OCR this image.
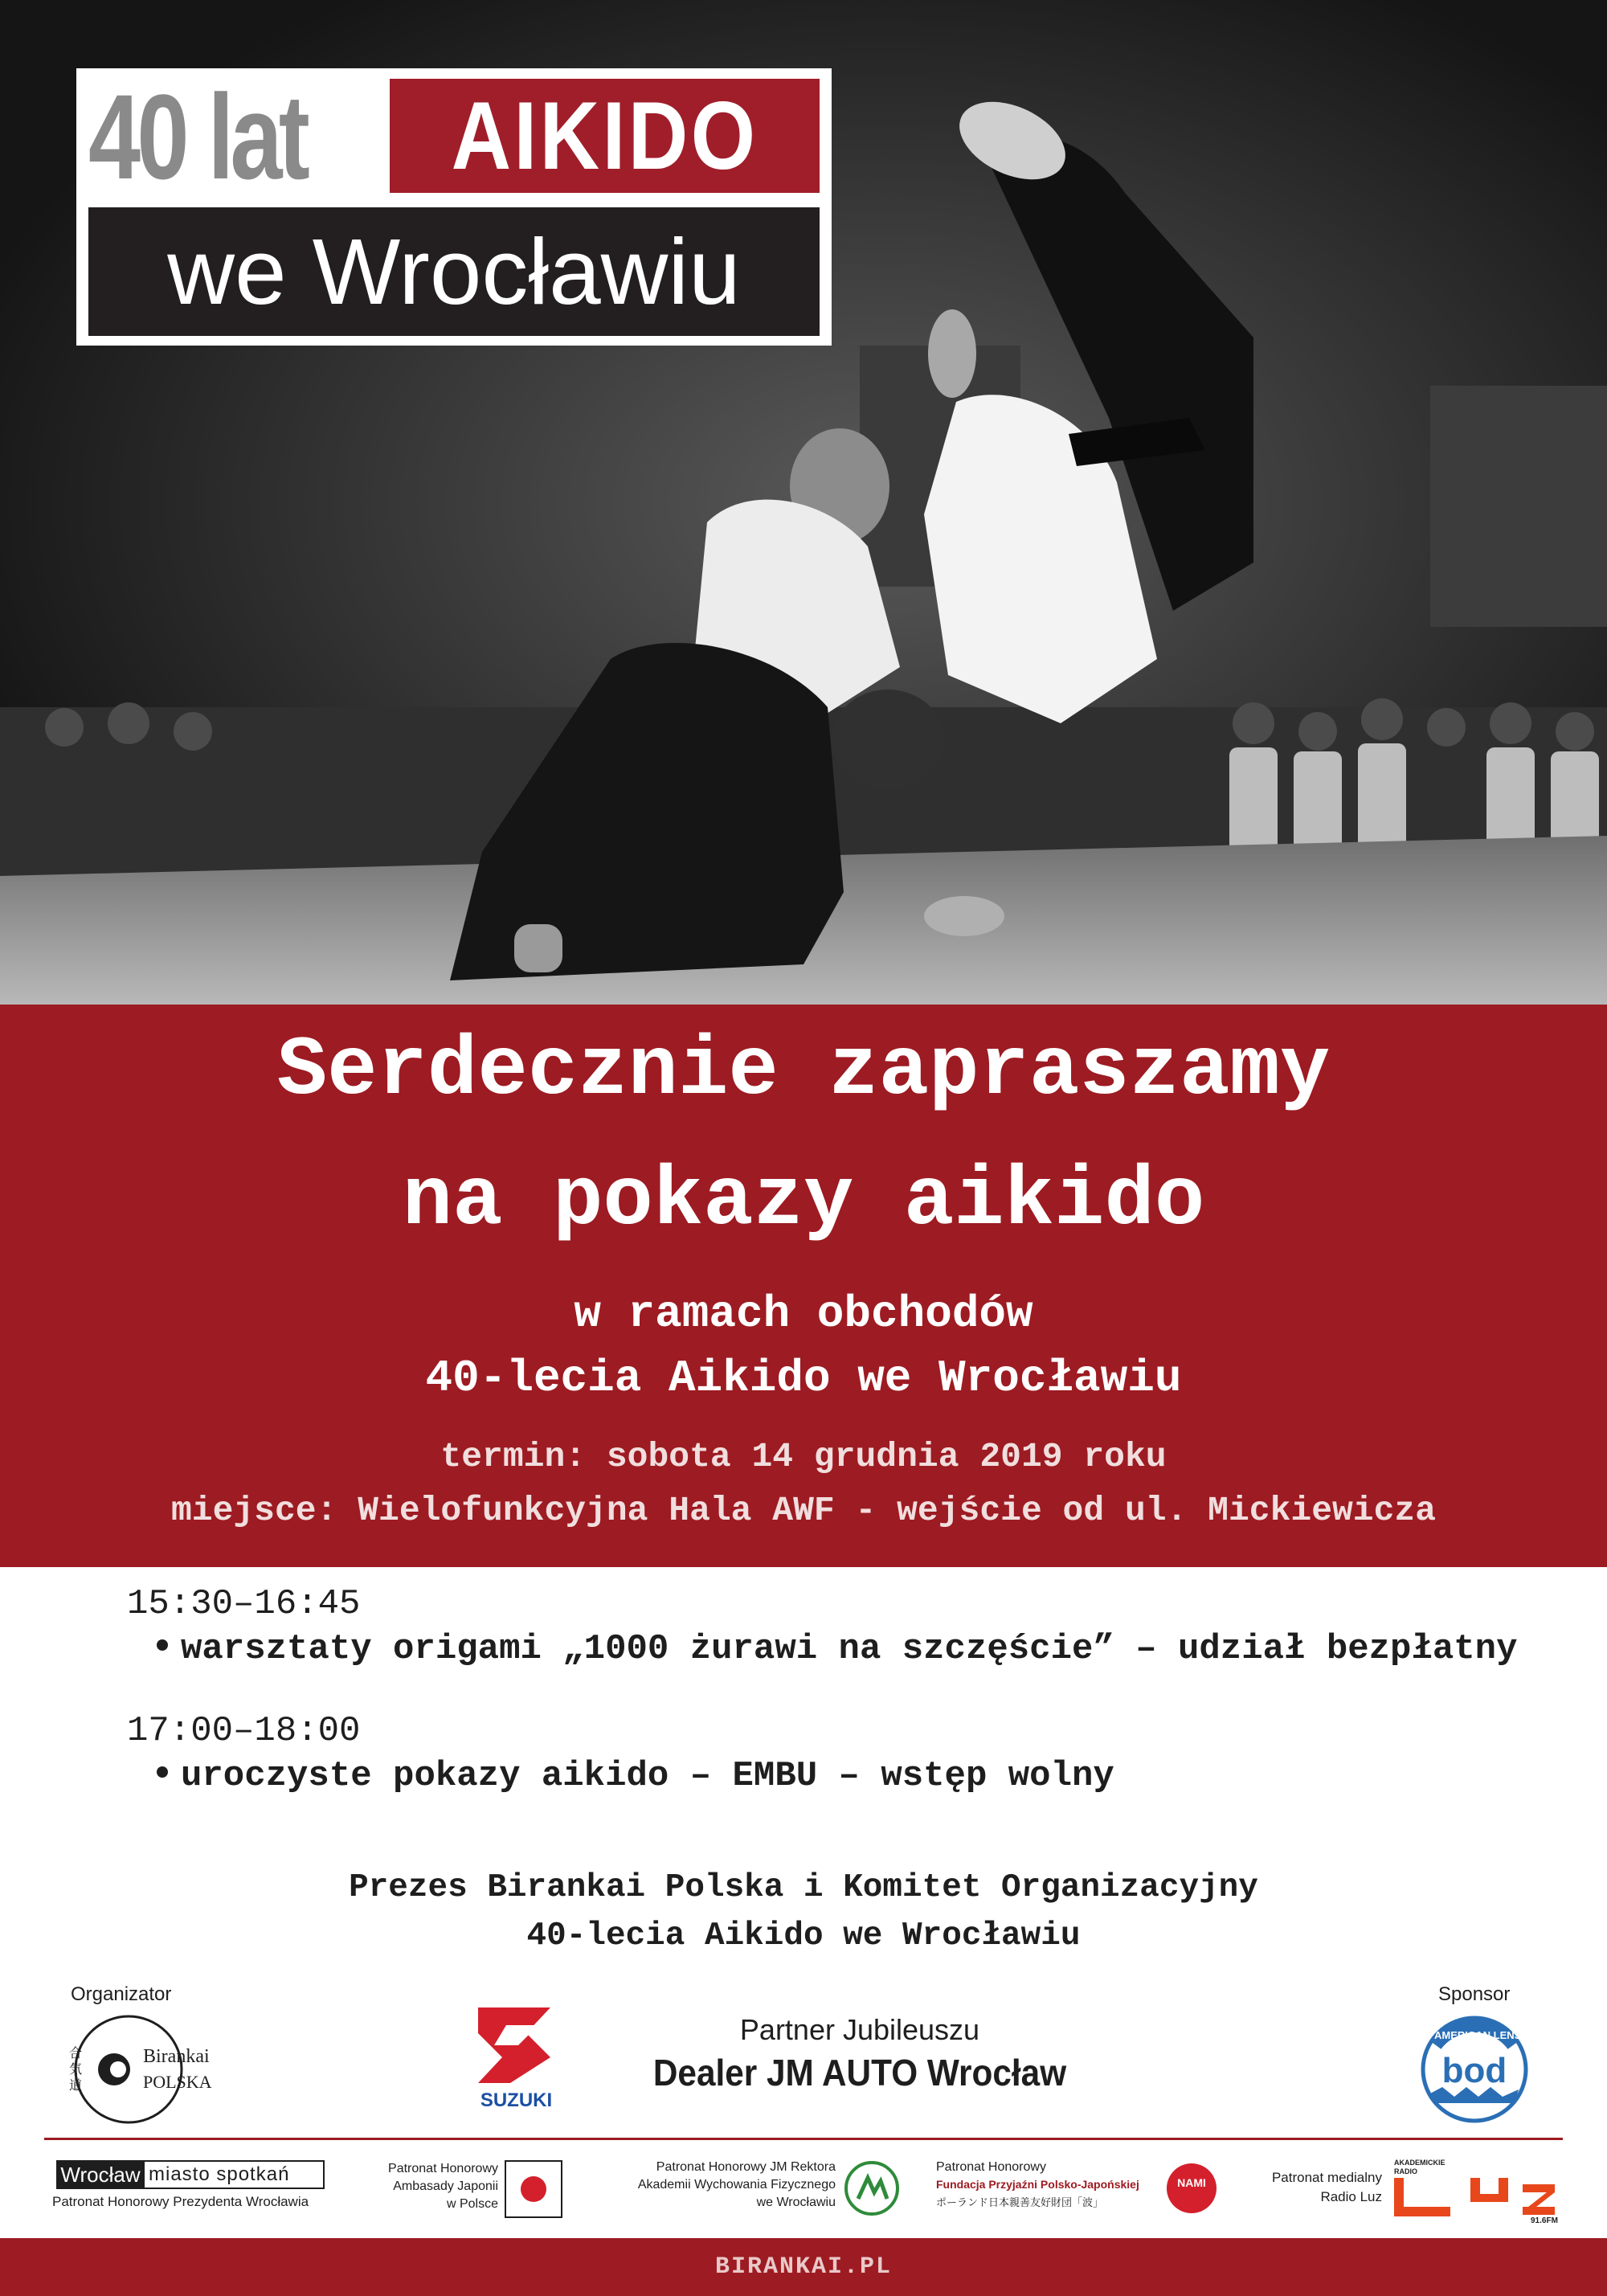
40 lat	AIKIDO
we Wrocławiu
Serdecznie zapraszamy
na pokazy aikido
w ramach obchodów
40-lecia Aikido we Wrocławiu
termin: sobota 14 grudnia 2019 roku
miejsce: Wielofunkcyjna Hala AWF - wejście od ul. Mickiewicza
15:30–16:45
warsztaty origami „1000 żurawi na szczęście” – udział bezpłatny
17:00–18:00
uroczyste pokazy aikido – EMBU – wstęp wolny
Prezes Birankai Polska i Komitet Organizacyjny
40-lecia Aikido we Wrocławiu
Organizator
合
気
道
Birankai
POLSKA
SUZUKI
Partner Jubileuszu
Dealer JM AUTO Wrocław
Sponsor
AMERICAN LENS
bod
Wrocław miasto spotkań
Patronat Honorowy Prezydenta Wrocławia
Patronat Honorowy
Ambasady Japonii
w Polsce
Patronat Honorowy JM Rektora
Akademii Wychowania Fizycznego
we Wrocławiu
Patronat Honorowy
Fundacja Przyjaźni Polsko-Japońskiej
ポーランド日本親善友好財団「波」
NAMI	Patronat medialny
Radio Luz
AKADEMICKIE
RADIO
91.6FM
BIRANKAI.PL
